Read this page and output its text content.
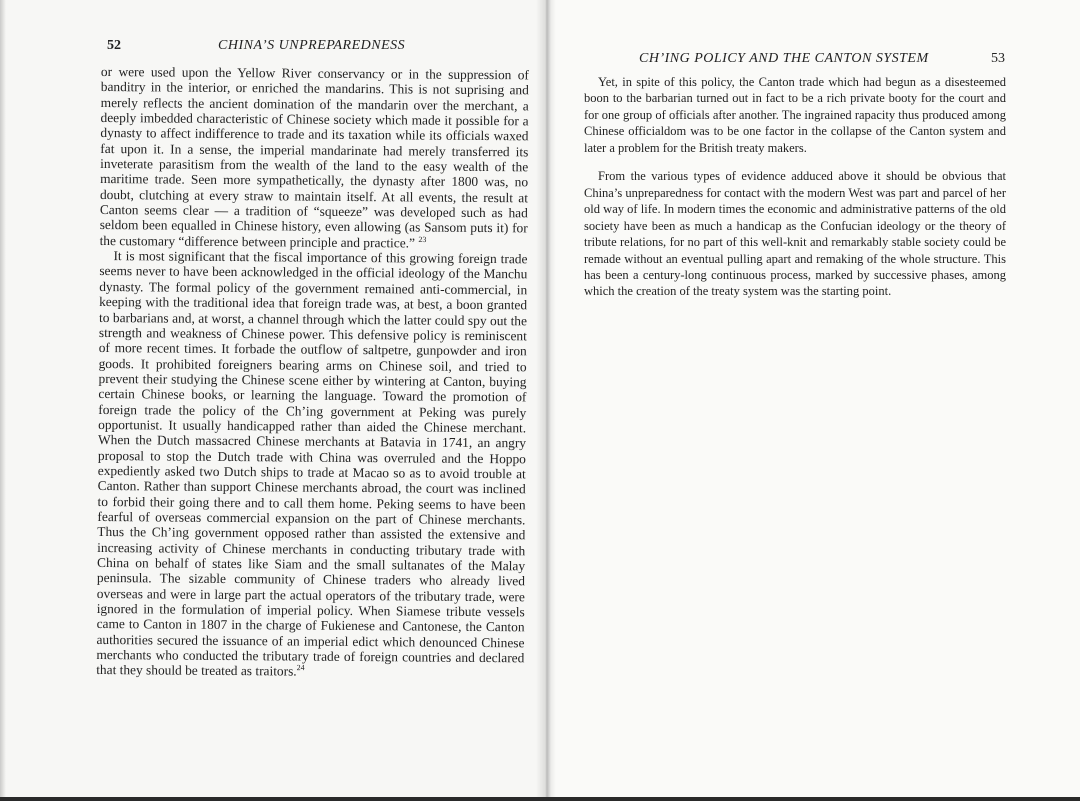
52	CHINA’S UNPREPAREDNESS

or were used upon the Yellow River conservancy or in the suppression of banditry in the interior, or enriched the mandarins. This is not suprising and merely reflects the ancient domination of the mandarin over the merchant, a deeply imbedded characteristic of Chinese society which made it possible for a dynasty to affect indifference to trade and its taxation while its officials waxed fat upon it. In a sense, the imperial mandarinate had merely transferred its inveterate parasitism from the wealth of the land to the easy wealth of the maritime trade. Seen more sympathetically, the dynasty after 1800 was, no doubt, clutching at every straw to maintain itself. At all events, the result at Canton seems clear — a tradition of “squeeze” was developed such as had seldom been equalled in Chinese history, even allowing (as Sansom puts it) for the customary “difference between principle and practice.” $^{23}$

It is most significant that the fiscal importance of this growing foreign trade seems never to have been acknowledged in the official ideology of the Manchu dynasty. The formal policy of the government remained anti-commercial, in keeping with the traditional idea that foreign trade was, at best, a boon granted to barbarians and, at worst, a channel through which the latter could spy out the strength and weakness of Chinese power. This defensive policy is reminiscent of more recent times. It forbade the outflow of saltpetre, gunpowder and iron goods. It prohibited foreigners bearing arms on Chinese soil, and tried to prevent their studying the Chinese scene either by wintering at Canton, buying certain Chinese books, or learning the language. Toward the promotion of foreign trade the policy of the Ch’ing government at Peking was purely opportunist. It usually handicapped rather than aided the Chinese merchant. When the Dutch massacred Chinese merchants at Batavia in 1741, an angry proposal to stop the Dutch trade with China was overruled and the Hoppo expediently asked two Dutch ships to trade at Macao so as to avoid trouble at Canton. Rather than support Chinese merchants abroad, the court was inclined to forbid their going there and to call them home. Peking seems to have been fearful of overseas commercial expansion on the part of Chinese merchants. Thus the Ch’ing government opposed rather than assisted the extensive and increasing activity of Chinese merchants in conducting tributary trade with China on behalf of states like Siam and the small sultanates of the Malay peninsula. The sizable community of Chinese traders who already lived overseas and were in large part the actual operators of the tributary trade, were ignored in the formulation of imperial policy. When Siamese tribute vessels came to Canton in 1807 in the charge of Fukienese and Cantonese, the Canton authorities secured the issuance of an imperial edict which denounced Chinese merchants who conducted the tributary trade of foreign countries and declared that they should be treated as traitors.$^{24}$

CH’ING POLICY AND THE CANTON SYSTEM	53

Yet, in spite of this policy, the Canton trade which had begun as a disesteemed boon to the barbarian turned out in fact to be a rich private booty for the court and for one group of officials after another. The ingrained rapacity thus produced among Chinese officialdom was to be one factor in the collapse of the Canton system and later a problem for the British treaty makers.

From the various types of evidence adduced above it should be obvious that China’s unpreparedness for contact with the modern West was part and parcel of her old way of life. In modern times the economic and administrative patterns of the old society have been as much a handicap as the Confucian ideology or the theory of tribute relations, for no part of this well-knit and remarkably stable society could be remade without an eventual pulling apart and remaking of the whole structure. This has been a century-long continuous process, marked by successive phases, among which the creation of the treaty system was the starting point.
